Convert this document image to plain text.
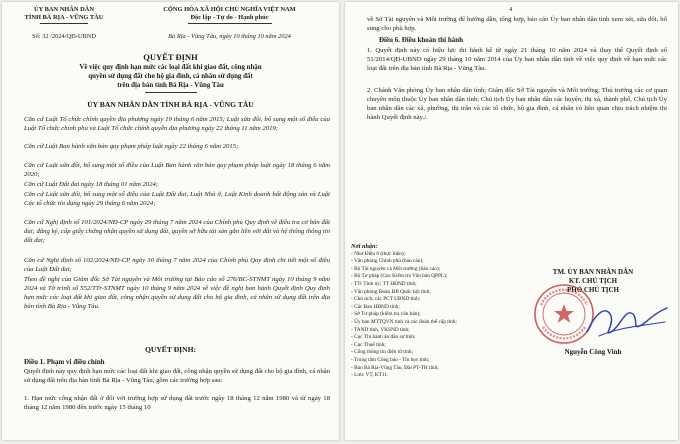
ỦY BAN NHÂN DÂN
TỈNH BÀ RỊA - VŨNG TÀU
Số: 32 /2024/QĐ-UBND
CỘNG HÒA XÃ HỘI CHỦ NGHĨA VIỆT NAM
Độc lập - Tự do - Hạnh phúc
Bà Rịa - Vũng Tàu, ngày 10 tháng 10 năm 2024
QUYẾT ĐỊNH
Về việc quy định hạn mức các loại đất khi giao đất, công nhận
quyền sử dụng đất cho hộ gia đình, cá nhân sử dụng đất
trên địa bàn tỉnh Bà Rịa - Vũng Tàu
ỦY BAN NHÂN DÂN TỈNH BÀ RỊA - VŨNG TÀU
Căn cứ Luật Tổ chức chính quyền địa phương ngày 19 tháng 6 năm 2015; Luật sửa đổi, bổ sung một số điều của Luật Tổ chức chính phủ và Luật Tổ chức chính quyền địa phương ngày 22 tháng 11 năm 2019;
Căn cứ Luật Ban hành văn bản quy phạm pháp luật ngày 22 tháng 6 năm 2015;
Căn cứ Luật sửa đổi, bổ sung một số điều của Luật Ban hành văn bản quy phạm pháp luật ngày 18 tháng 6 năm 2020;
Căn cứ Luật Đất đai ngày 18 tháng 01 năm 2024;
Căn cứ Luật sửa đổi, bổ sung một số điều của Luật Đất đai, Luật Nhà ở, Luật Kinh doanh bất động sản và Luật Các tổ chức tín dụng ngày 29 tháng 6 năm 2024;
Căn cứ Nghị định số 101/2024/NĐ-CP ngày 29 tháng 7 năm 2024 của Chính phủ Quy định về điều tra cơ bản đất đai; đăng ký, cấp giấy chứng nhận quyền sử dụng đất, quyền sở hữu tài sản gắn liền với đất và hệ thống thông tin đất đai;
Căn cứ Nghị định số 102/2024/NĐ-CP ngày 30 tháng 7 năm 2024 của Chính phủ Quy định chi tiết một số điều của Luật Đất đai;
Theo đề nghị của Giám đốc Sở Tài nguyên và Môi trường tại Báo cáo số 276/BC-STNMT ngày 10 tháng 9 năm 2024 và Tờ trình số 552/TTr-STNMT ngày 10 tháng 9 năm 2024 về việc đề nghị ban hành Quyết định Quy định hạn mức các loại đất khi giao đất, công nhận quyền sử dụng đất cho hộ gia đình, cá nhân sử dụng đất trên địa bàn tỉnh Bà Rịa - Vũng Tàu.
QUYẾT ĐỊNH:
Điều 1. Phạm vi điều chỉnh
Quyết định này quy định hạn mức các loại đất khi giao đất, công nhận quyền sử dụng đất cho hộ gia đình, cá nhân sử dụng đất trên địa bàn tỉnh Bà Rịa - Vũng Tàu, gồm các trường hợp sau:
1. Hạn mức công nhận đất ở đối với trường hợp sử dụng đất trước ngày 18 tháng 12 năm 1980 và từ ngày 18 tháng 12 năm 1980 đến trước ngày 15 tháng 10
4
về Sở Tài nguyên và Môi trường để hướng dẫn, tổng hợp, báo cáo Ủy ban nhân dân tỉnh xem xét, sửa đổi, bổ sung cho phù hợp.
Điều 6. Điều khoản thi hành
1. Quyết định này có hiệu lực thi hành kể từ ngày 21 tháng 10 năm 2024 và thay thế Quyết định số 51/2014/QĐ-UBND ngày 29 tháng 10 năm 2014 của Ủy ban nhân dân tỉnh về việc quy định về hạn mức các loại đất trên địa bàn tỉnh Bà Rịa - Vũng Tàu.
2. Chánh Văn phòng Ủy ban nhân dân tỉnh; Giám đốc Sở Tài nguyên và Môi trường; Thủ trưởng các cơ quan chuyên môn thuộc Ủy ban nhân dân tỉnh; Chủ tịch Ủy ban nhân dân các huyện, thị xã, thành phố, Chủ tịch Ủy ban nhân dân các xã, phường, thị trấn và các tổ chức, hộ gia đình, cá nhân có liên quan chịu trách nhiệm thi hành Quyết định này./.
Nơi nhận:
- Như Điều 6 (thực hiện);
- Văn phòng Chính phủ (báo cáo);
- Bộ Tài nguyên và Môi trường (báo cáo);
- Bộ Tư pháp (Cục Kiểm tra Văn bản QPPL);
- TTr Tỉnh ủy; TT HĐND tỉnh;
- Văn phòng Đoàn ĐB Quốc hội tỉnh;
- Chủ tịch, các PCT UBND tỉnh;
- Các Ban HĐND tỉnh;
- Sở Tư pháp (kiểm tra văn bản);
- Ủy ban MTTQVN tỉnh và các đoàn thể cấp tỉnh;
- TAND tỉnh, VKSND tỉnh;
- Cục Thi hành án dân sự tỉnh;
- Cục Thuế tỉnh;
- Cổng thông tin điện tử tỉnh;
- Trung tâm Công báo - Tin học tỉnh;
- Báo Bà Rịa-Vũng Tàu, Đài PT-TH tỉnh;
- Lưu: VT, KT11.
TM. ỦY BAN NHÂN DÂN
KT. CHỦ TỊCH
PHÓ CHỦ TỊCH
Nguyễn Công Vinh
